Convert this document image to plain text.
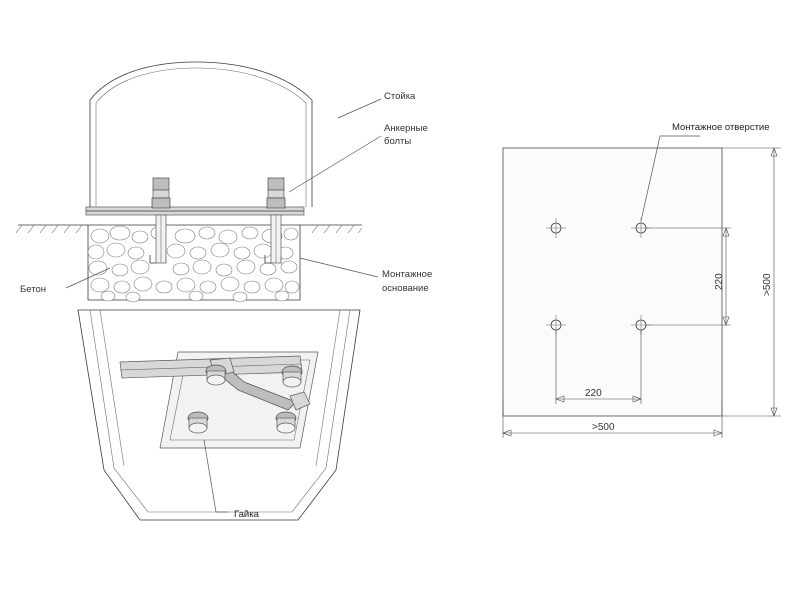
Стойка
Анкерные
болты
Бетон
Монтажное
основание
Гайка
Монтажное отверстие
220	>500
220
>500
